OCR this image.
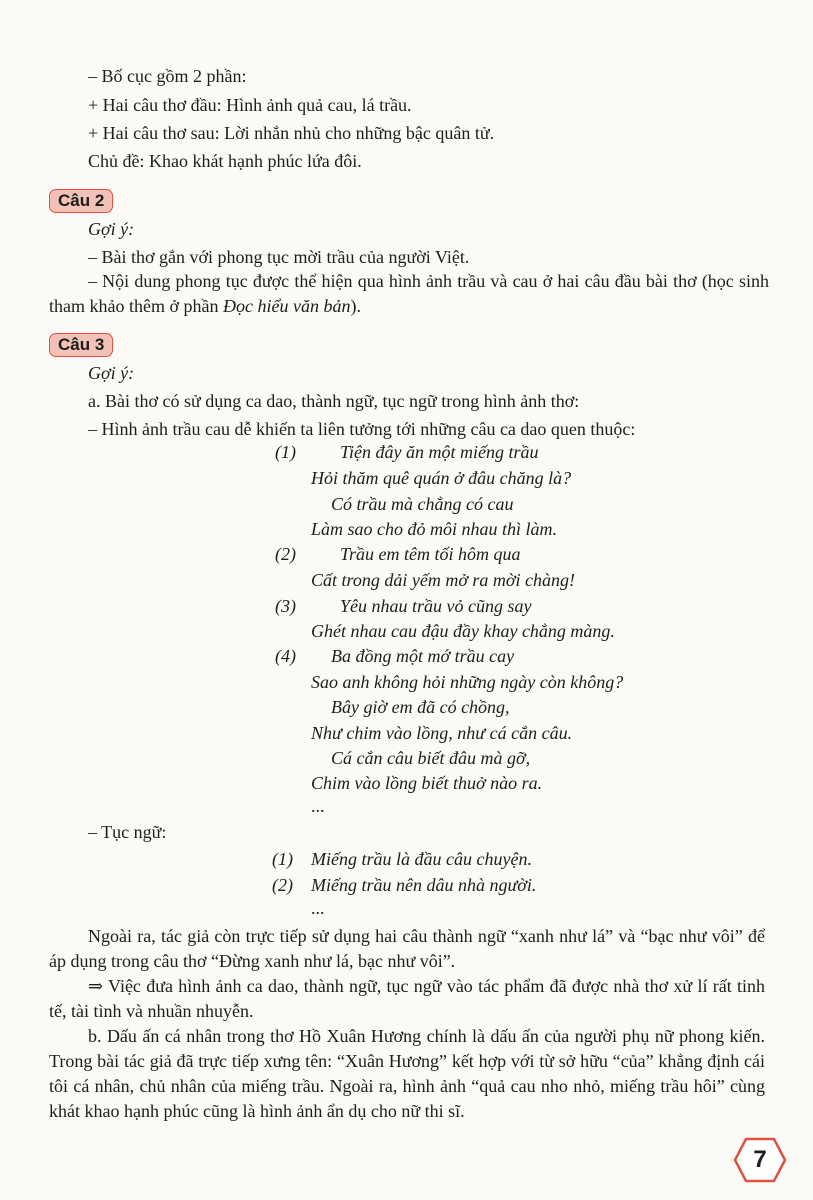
– Bố cục gồm 2 phần:
+ Hai câu thơ đầu: Hình ảnh quả cau, lá trầu.
+ Hai câu thơ sau: Lời nhắn nhủ cho những bậc quân tử.
Chủ đề: Khao khát hạnh phúc lứa đôi.
Câu 2
Gợi ý:
– Bài thơ gắn với phong tục mời trầu của người Việt.
– Nội dung phong tục được thể hiện qua hình ảnh trầu và cau ở hai câu đầu bài thơ (học sinh tham khảo thêm ở phần Đọc hiểu văn bản).
Câu 3
Gợi ý:
a. Bài thơ có sử dụng ca dao, thành ngữ, tục ngữ trong hình ảnh thơ:
– Hình ảnh trầu cau dễ khiến ta liên tưởng tới những câu ca dao quen thuộc:
(1) Tiện đây ăn một miếng trầu
Hỏi thăm quê quán ở đâu chăng là?
Có trầu mà chẳng có cau
Làm sao cho đỏ môi nhau thì làm.
(2) Trầu em têm tối hôm qua
Cất trong dải yếm mở ra mời chàng!
(3) Yêu nhau trầu vỏ cũng say
Ghét nhau cau đậu đầy khay chẳng màng.
(4) Ba đồng một mớ trầu cay
Sao anh không hỏi những ngày còn không?
Bây giờ em đã có chồng,
Như chim vào lồng, như cá cắn câu.
Cá cắn câu biết đâu mà gỡ,
Chim vào lồng biết thuở nào ra.
...
– Tục ngữ:
(1) Miếng trầu là đầu câu chuyện.
(2) Miếng trầu nên dâu nhà người.
...
Ngoài ra, tác giả còn trực tiếp sử dụng hai câu thành ngữ “xanh như lá” và “bạc như vôi” để áp dụng trong câu thơ “Đừng xanh như lá, bạc như vôi”.
⇒ Việc đưa hình ảnh ca dao, thành ngữ, tục ngữ vào tác phẩm đã được nhà thơ xử lí rất tinh tế, tài tình và nhuần nhuyễn.
b. Dấu ấn cá nhân trong thơ Hồ Xuân Hương chính là dấu ấn của người phụ nữ phong kiến. Trong bài tác giả đã trực tiếp xưng tên: “Xuân Hương” kết hợp với từ sở hữu “của” khẳng định cái tôi cá nhân, chủ nhân của miếng trầu. Ngoài ra, hình ảnh “quả cau nho nhỏ, miếng trầu hôi” cùng khát khao hạnh phúc cũng là hình ảnh ẩn dụ cho nữ thi sĩ.
7
